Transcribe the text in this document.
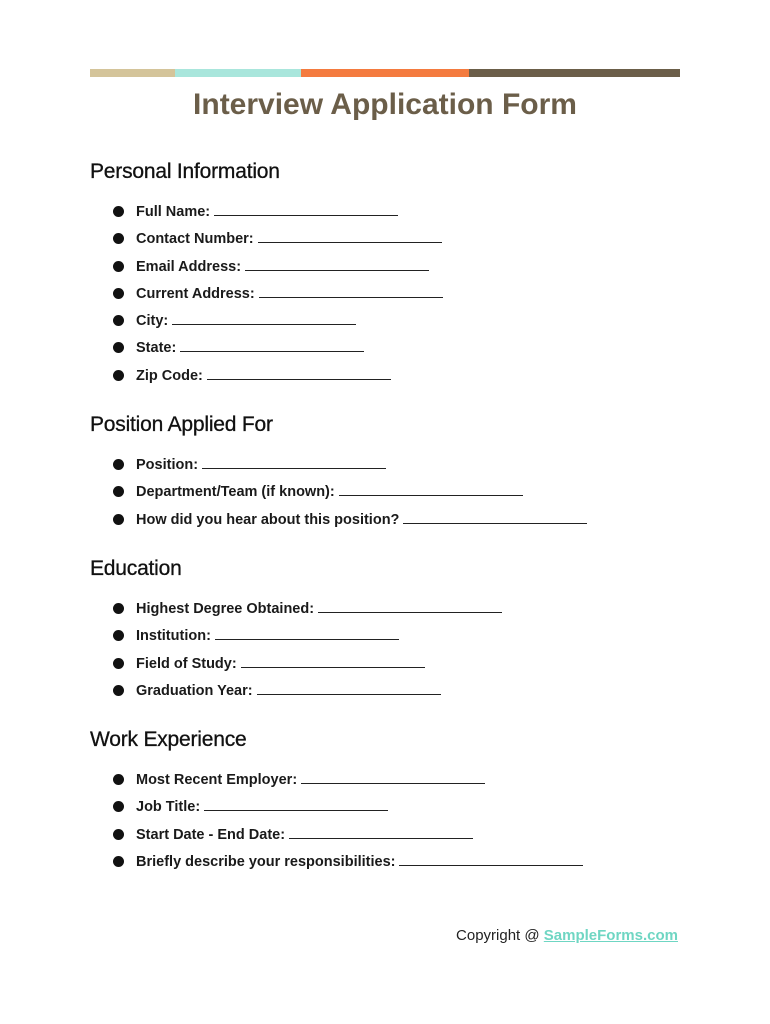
Interview Application Form
Personal Information
Full Name:
Contact Number:
Email Address:
Current Address:
City:
State:
Zip Code:
Position Applied For
Position:
Department/Team (if known):
How did you hear about this position?
Education
Highest Degree Obtained:
Institution:
Field of Study:
Graduation Year:
Work Experience
Most Recent Employer:
Job Title:
Start Date - End Date:
Briefly describe your responsibilities:
Copyright @ SampleForms.com
